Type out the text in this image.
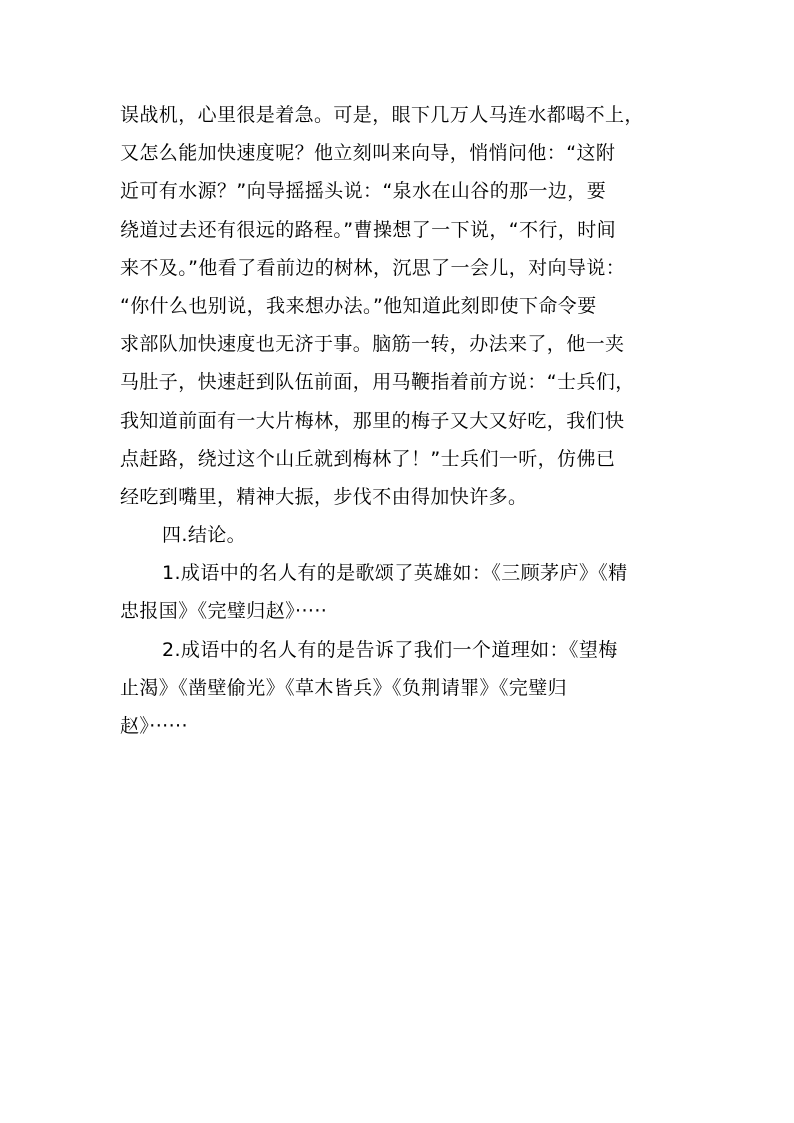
误战机，心里很是着急。可是，眼下几万人马连水都喝不上，
又怎么能加快速度呢？他立刻叫来向导，悄悄问他：“这附
近可有水源？”向导摇摇头说：“泉水在山谷的那一边，要
绕道过去还有很远的路程。”曹操想了一下说，“不行，时间
来不及。”他看了看前边的树林，沉思了一会儿，对向导说：
“你什么也别说，我来想办法。”他知道此刻即使下命令要
求部队加快速度也无济于事。脑筋一转，办法来了，他一夹
马肚子，快速赶到队伍前面，用马鞭指着前方说：“士兵们，
我知道前面有一大片梅林，那里的梅子又大又好吃，我们快
点赶路，绕过这个山丘就到梅林了！”士兵们一听，仿佛已
经吃到嘴里，精神大振，步伐不由得加快许多。
四.结论。
1.成语中的名人有的是歌颂了英雄如：《三顾茅庐》《精
忠报国》《完璧归赵》·····
2.成语中的名人有的是告诉了我们一个道理如：《望梅
止渴》《凿壁偷光》《草木皆兵》《负荆请罪》《完璧归
赵》······
